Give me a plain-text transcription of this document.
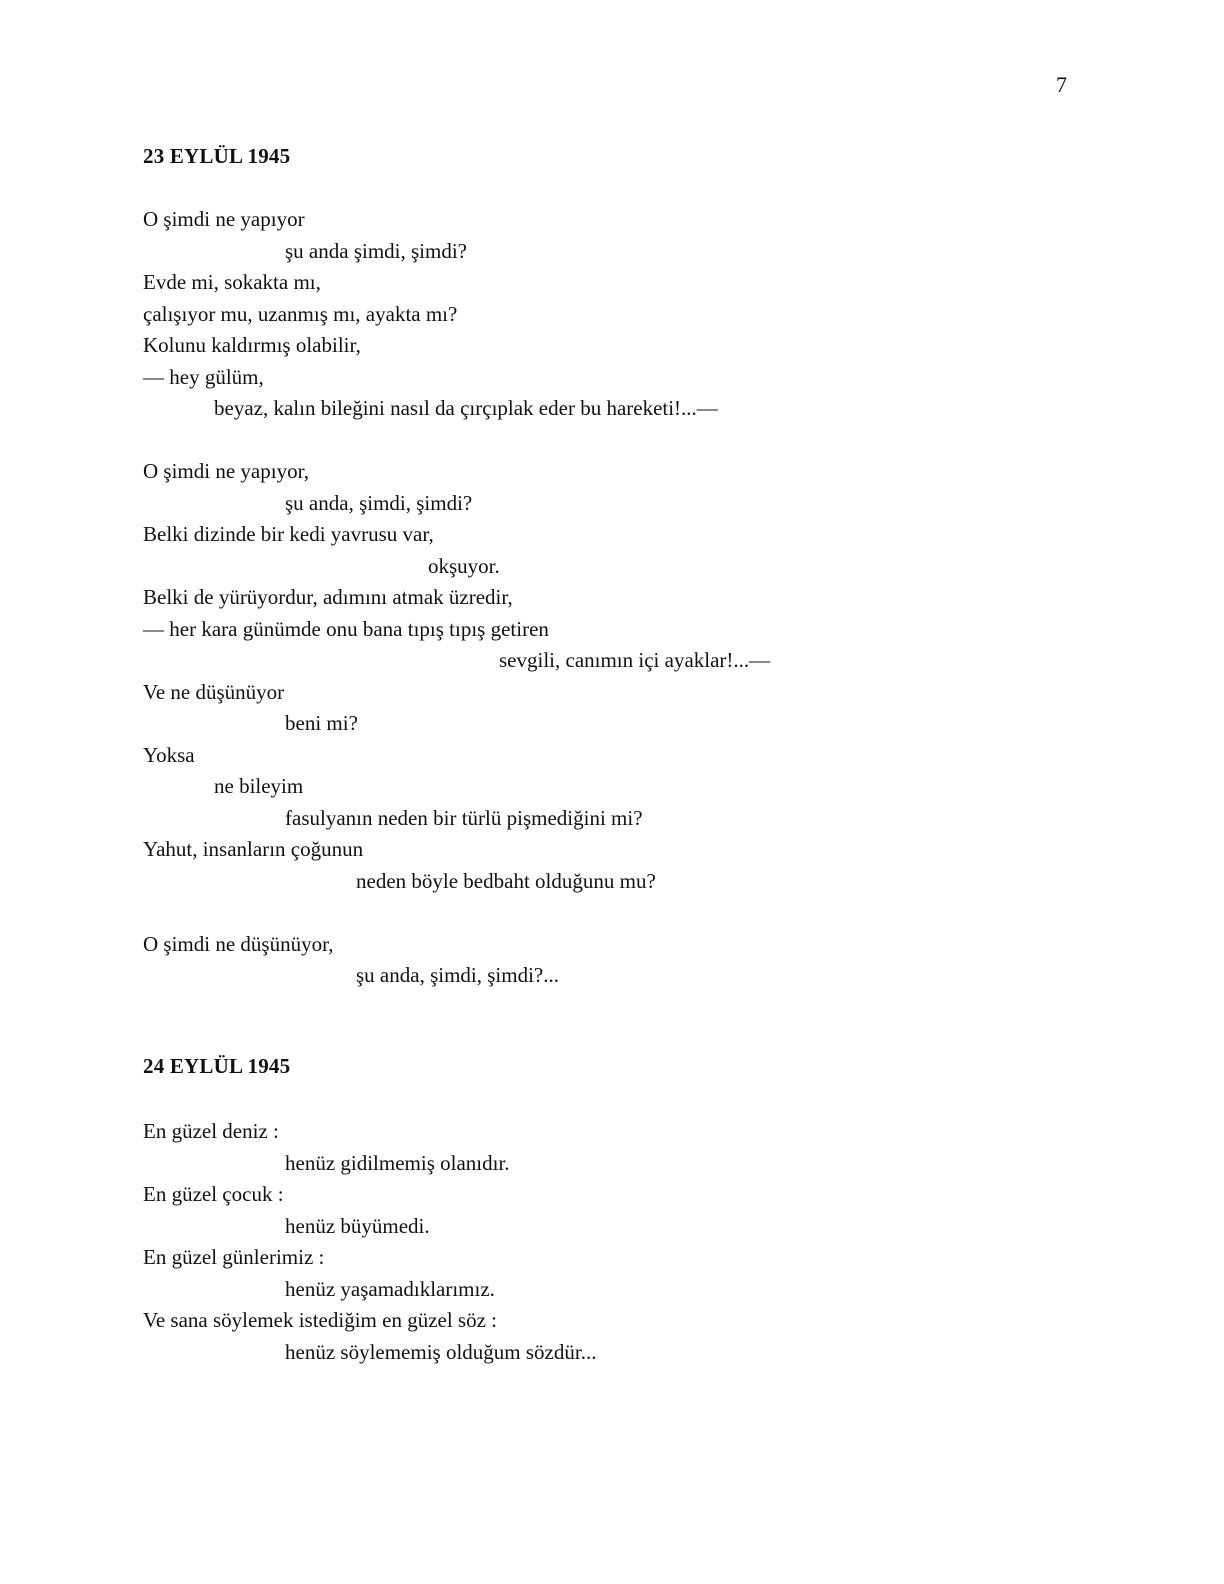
7
23 EYLÜL 1945
O şimdi ne yapıyor
şu anda şimdi, şimdi?
Evde mi, sokakta mı,
çalışıyor mu, uzanmış mı, ayakta mı?
Kolunu kaldırmış olabilir,
— hey gülüm,
beyaz, kalın bileğini nasıl da çırçıplak eder bu hareketi!...—
O şimdi ne yapıyor,
şu anda, şimdi, şimdi?
Belki dizinde bir kedi yavrusu var,
okşuyor.
Belki de yürüyordur, adımını atmak üzredir,
— her kara günümde onu bana tıpış tıpış getiren
sevgili, canımın içi ayaklar!...—
Ve ne düşünüyor
beni mi?
Yoksa
ne bileyim
fasulyanın neden bir türlü pişmediğini mi?
Yahut, insanların çoğunun
neden böyle bedbaht olduğunu mu?
O şimdi ne düşünüyor,
şu anda, şimdi, şimdi?...
24 EYLÜL 1945
En güzel deniz :
henüz gidilmemiş olanıdır.
En güzel çocuk :
henüz büyümedi.
En güzel günlerimiz :
henüz yaşamadıklarımız.
Ve sana söylemek istediğim en güzel söz :
henüz söylememiş olduğum sözdür...
